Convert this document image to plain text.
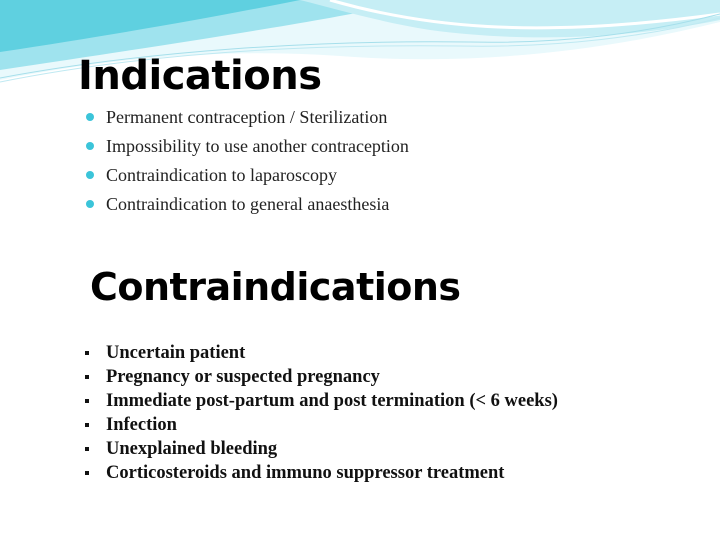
Indications
Permanent contraception / Sterilization
Impossibility to use another contraception
Contraindication to laparoscopy
Contraindication to general anaesthesia
Contraindications
Uncertain patient
Pregnancy or suspected pregnancy
Immediate post-partum and post termination (< 6 weeks)
Infection
Unexplained bleeding
Corticosteroids and immuno suppressor treatment
